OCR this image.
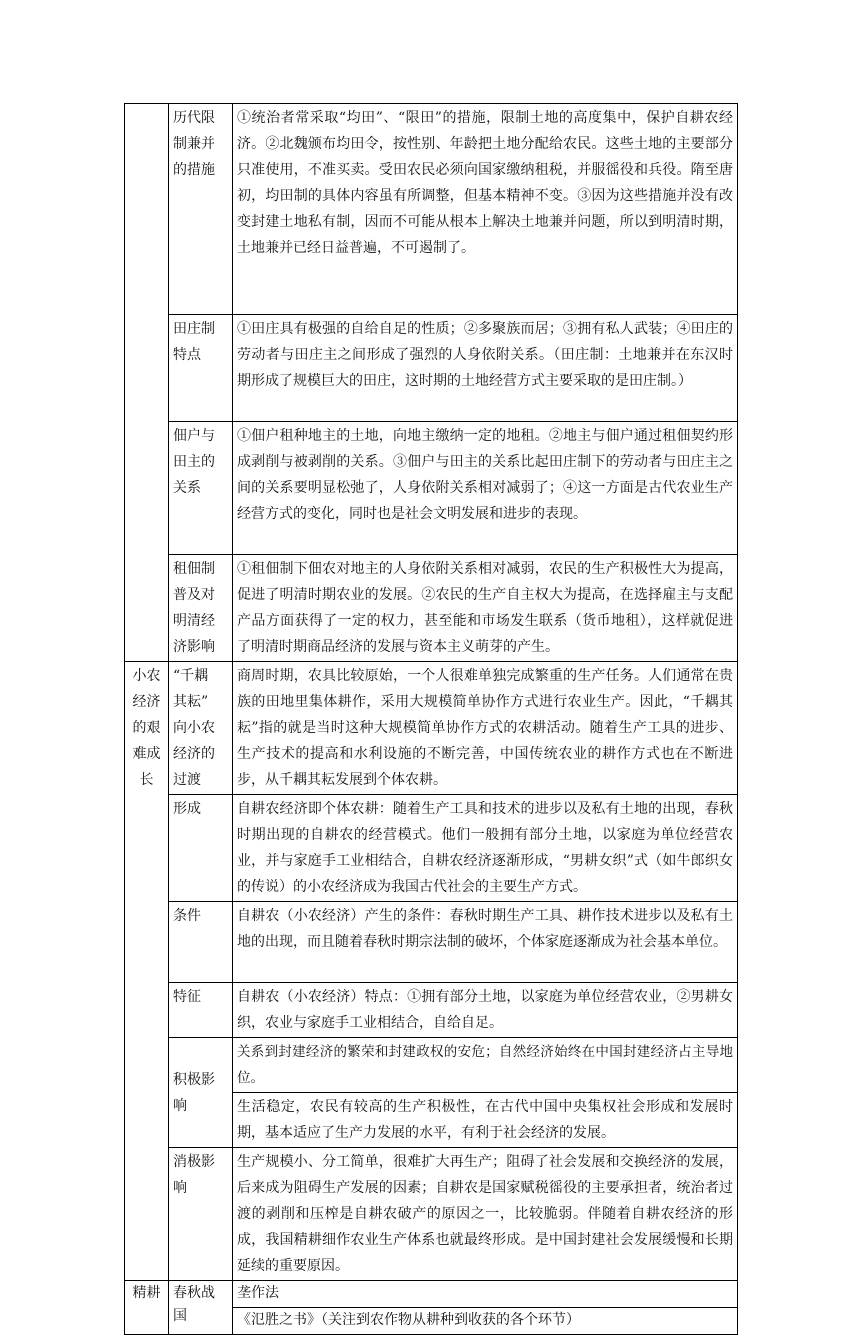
	历代限
制兼并
的措施	①统治者常采取“均田”、“限田”的措施，限制土地的高度集中，保护自耕农经济。②北魏颁布均田令，按性别、年龄把土地分配给农民。这些土地的主要部分只准使用，不准买卖。受田农民必须向国家缴纳租税，并服徭役和兵役。隋至唐初，均田制的具体内容虽有所调整，但基本精神不变。③因为这些措施并没有改变封建土地私有制，因而不可能从根本上解决土地兼并问题，所以到明清时期，土地兼并已经日益普遍，不可遏制了。

	田庄制
特点	①田庄具有极强的自给自足的性质；②多聚族而居；③拥有私人武装；④田庄的劳动者与田庄主之间形成了强烈的人身依附关系。（田庄制：土地兼并在东汉时期形成了规模巨大的田庄，这时期的土地经营方式主要采取的是田庄制。）

	佃户与
田主的
关系	①佃户租种地主的土地，向地主缴纳一定的地租。②地主与佃户通过租佃契约形成剥削与被剥削的关系。③佃户与田主的关系比起田庄制下的劳动者与田庄主之间的关系要明显松弛了，人身依附关系相对减弱了；④这一方面是古代农业生产经营方式的变化，同时也是社会文明发展和进步的表现。

	租佃制
普及对
明清经
济影响	①租佃制下佃农对地主的人身依附关系相对减弱，农民的生产积极性大为提高，促进了明清时期农业的发展。②农民的生产自主权大为提高，在选择雇主与支配产品方面获得了一定的权力，甚至能和市场发生联系（货币地租），这样就促进了明清时期商品经济的发展与资本主义萌芽的产生。

小农
经济
的艰
难成
长	“千耦
其耘”
向小农
经济的
过渡	商周时期，农具比较原始，一个人很难单独完成繁重的生产任务。人们通常在贵族的田地里集体耕作，采用大规模简单协作方式进行农业生产。因此，“千耦其耘”指的就是当时这种大规模简单协作方式的农耕活动。随着生产工具的进步、生产技术的提高和水利设施的不断完善，中国传统农业的耕作方式也在不断进步，从千耦其耘发展到个体农耕。

	形成	自耕农经济即个体农耕：随着生产工具和技术的进步以及私有土地的出现，春秋时期出现的自耕农的经营模式。他们一般拥有部分土地，以家庭为单位经营农业，并与家庭手工业相结合，自耕农经济逐渐形成，“男耕女织”式（如牛郎织女的传说）的小农经济成为我国古代社会的主要生产方式。

	条件	自耕农（小农经济）产生的条件：春秋时期生产工具、耕作技术进步以及私有土地的出现，而且随着春秋时期宗法制的破坏，个体家庭逐渐成为社会基本单位。

	特征	自耕农（小农经济）特点：①拥有部分土地，以家庭为单位经营农业，②男耕女织，农业与家庭手工业相结合，自给自足。

	积极影
响	关系到封建经济的繁荣和封建政权的安危；自然经济始终在中国封建经济占主导地位。
		生活稳定，农民有较高的生产积极性，在古代中国中央集权社会形成和发展时期，基本适应了生产力发展的水平，有利于社会经济的发展。

	消极影
响	生产规模小、分工简单，很难扩大再生产；阻碍了社会发展和交换经济的发展，后来成为阻碍生产发展的因素；自耕农是国家赋税徭役的主要承担者，统治者过渡的剥削和压榨是自耕农破产的原因之一，比较脆弱。伴随着自耕农经济的形成，我国精耕细作农业生产体系也就最终形成。是中国封建社会发展缓慢和长期延续的重要原因。
精耕	春秋战
国	垄作法
		《氾胜之书》（关注到农作物从耕种到收获的各个环节）
